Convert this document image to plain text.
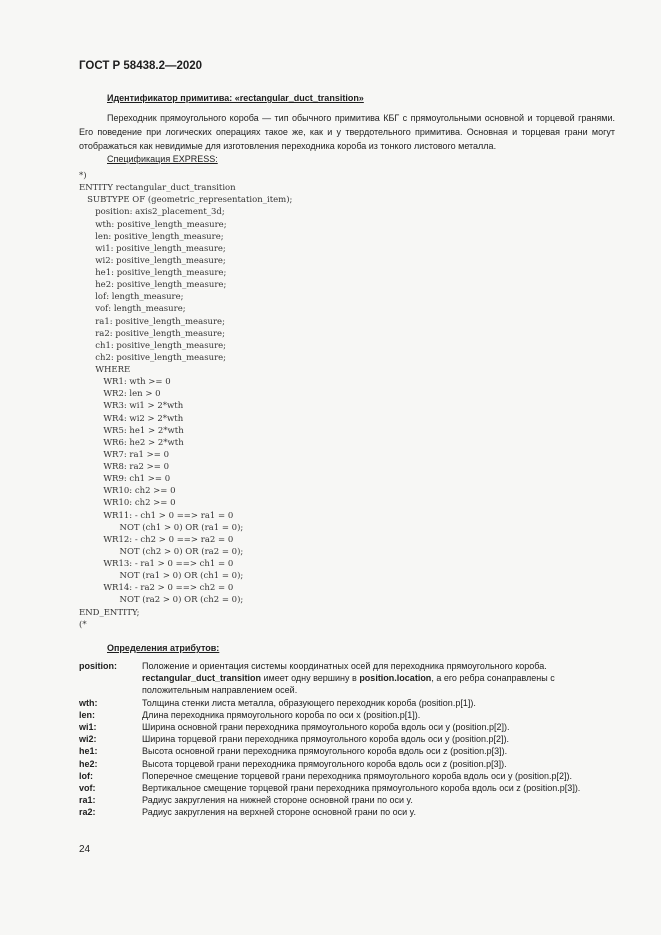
ГОСТ Р 58438.2—2020
Идентификатор примитива: «rectangular_duct_transition»
Переходник прямоугольного короба — тип обычного примитива КБГ с прямоугольными основной и торцевой гранями. Его поведение при логических операциях такое же, как и у твердотельного примитива. Основная и торцевая грани могут отображаться как невидимые для изготовления переходника короба из тонкого листового металла.
Спецификация EXPRESS:
*)
ENTITY rectangular_duct_transition
SUBTYPE OF (geometric_representation_item);
position: axis2_placement_3d;
wth: positive_length_measure;
len: positive_length_measure;
wi1: positive_length_measure;
wi2: positive_length_measure;
he1: positive_length_measure;
he2: positive_length_measure;
lof: length_measure;
vof: length_measure;
ra1: positive_length_measure;
ra2: positive_length_measure;
ch1: positive_length_measure;
ch2: positive_length_measure;
WHERE
WR1: wth >= 0
WR2: len > 0
WR3: wi1 > 2*wth
WR4: wi2 > 2*wth
WR5: he1 > 2*wth
WR6: he2 > 2*wth
WR7: ra1 >= 0
WR8: ra2 >= 0
WR9: ch1 >= 0
WR10: ch2 >= 0
WR10: ch2 >= 0
WR11: - ch1 > 0 ==> ra1 = 0
NOT (ch1 > 0) OR (ra1 = 0);
WR12: - ch2 > 0 ==> ra2 = 0
NOT (ch2 > 0) OR (ra2 = 0);
WR13: - ra1 > 0 ==> ch1 = 0
NOT (ra1 > 0) OR (ch1 = 0);
WR14: - ra2 > 0 ==> ch2 = 0
NOT (ra2 > 0) OR (ch2 = 0);
END_ENTITY;
(*
Определения атрибутов:
position:	Положение и ориентация системы координатных осей для переходника прямоугольного короба. rectangular_duct_transition имеет одну вершину в position.location, а его ребра сонаправлены с положительным направлением осей.
wth:	Толщина стенки листа металла, образующего переходник короба (position.p[1]).
len:	Длина переходника прямоугольного короба по оси x (position.p[1]).
wi1:	Ширина основной грани переходника прямоугольного короба вдоль оси y (position.p[2]).
wi2:	Ширина торцевой грани переходника прямоугольного короба вдоль оси y (position.p[2]).
he1:	Высота основной грани переходника прямоугольного короба вдоль оси z (position.p[3]).
he2:	Высота торцевой грани переходника прямоугольного короба вдоль оси z (position.p[3]).
lof:	Поперечное смещение торцевой грани переходника прямоугольного короба вдоль оси y (position.p[2]).
vof:	Вертикальное смещение торцевой грани переходника прямоугольного короба вдоль оси z (position.p[3]).
ra1:	Радиус закругления на нижней стороне основной грани по оси y.
ra2:	Радиус закругления на верхней стороне основной грани по оси y.
24
